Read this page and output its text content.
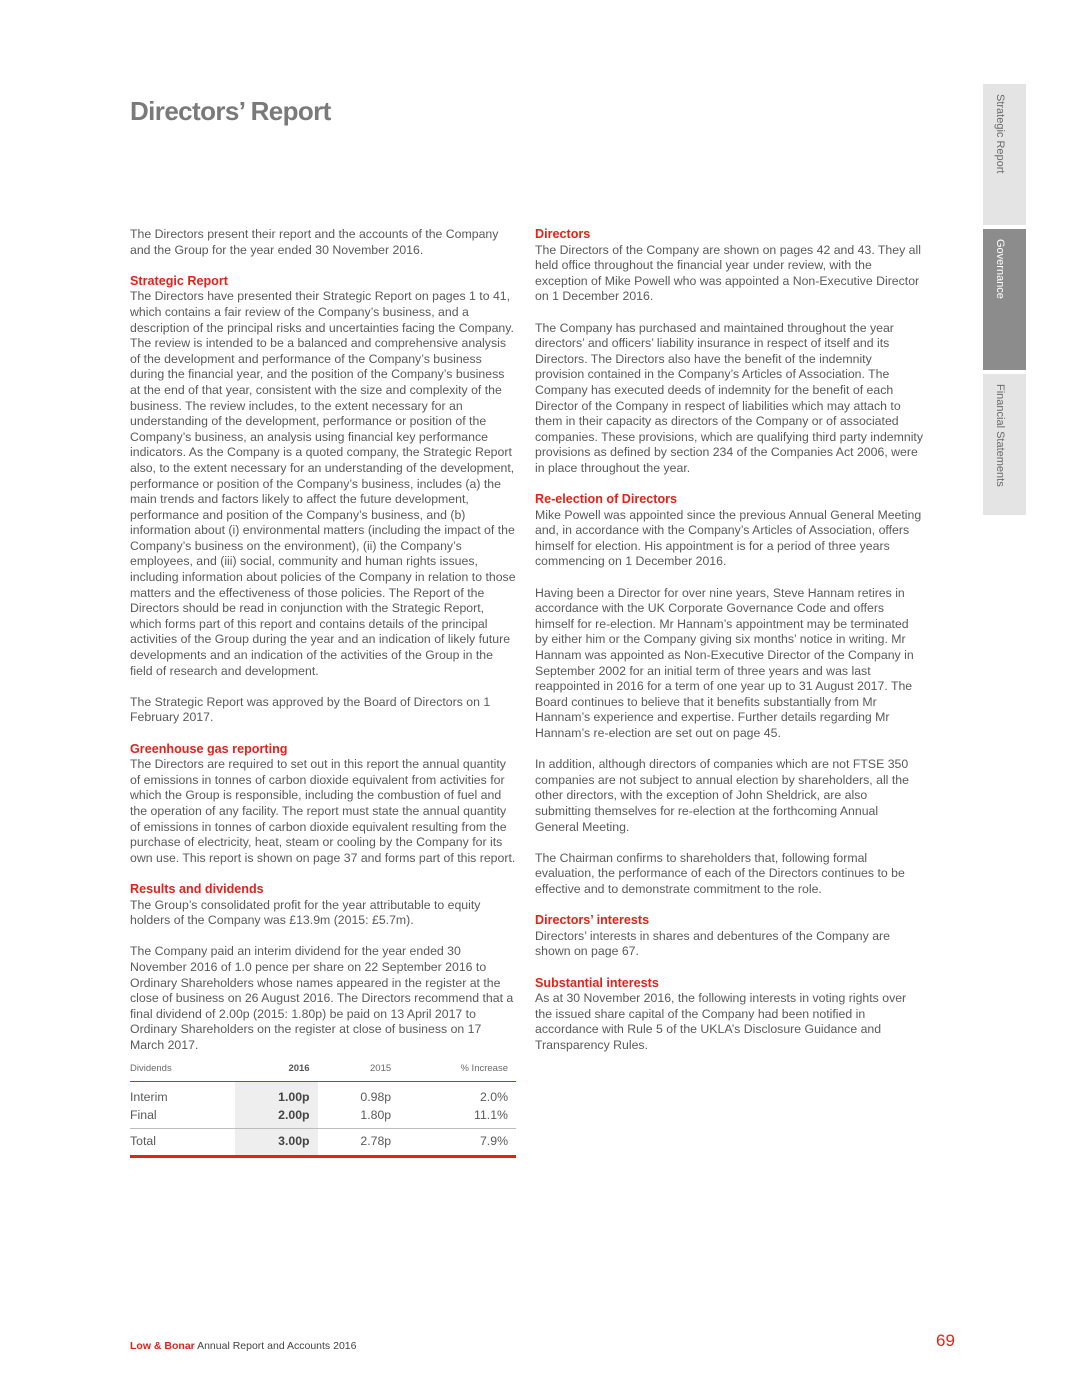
Directors’ Report	Strategic Report
Governance
Financial Statements

The Directors present their report and the accounts of the Company and the Group for the year ended 30 November 2016.

Strategic Report

The Directors have presented their Strategic Report on pages 1 to 41, which contains a fair review of the Company’s business, and a description of the principal risks and uncertainties facing the Company. The review is intended to be a balanced and comprehensive analysis of the development and performance of the Company’s business during the financial year, and the position of the Company’s business at the end of that year, consistent with the size and complexity of the business. The review includes, to the extent necessary for an understanding of the development, performance or position of the Company’s business, an analysis using financial key performance indicators. As the Company is a quoted company, the Strategic Report also, to the extent necessary for an understanding of the development, performance or position of the Company’s business, includes (a) the main trends and factors likely to affect the future development, performance and position of the Company’s business, and (b) information about (i) environmental matters (including the impact of the Company’s business on the environment), (ii) the Company’s employees, and (iii) social, community and human rights issues, including information about policies of the Company in relation to those matters and the effectiveness of those policies. The Report of the Directors should be read in conjunction with the Strategic Report, which forms part of this report and contains details of the principal activities of the Group during the year and an indication of likely future developments and an indication of the activities of the Group in the field of research and development.

The Strategic Report was approved by the Board of Directors on 1 February 2017.

Greenhouse gas reporting

The Directors are required to set out in this report the annual quantity of emissions in tonnes of carbon dioxide equivalent from activities for which the Group is responsible, including the combustion of fuel and the operation of any facility. The report must state the annual quantity of emissions in tonnes of carbon dioxide equivalent resulting from the purchase of electricity, heat, steam or cooling by the Company for its own use. This report is shown on page 37 and forms part of this report.

Results and dividends

The Group’s consolidated profit for the year attributable to equity holders of the Company was £13.9m (2015: £5.7m).

The Company paid an interim dividend for the year ended 30 November 2016 of 1.0 pence per share on 22 September 2016 to Ordinary Shareholders whose names appeared in the register at the close of business on 26 August 2016. The Directors recommend that a final dividend of 2.00p (2015: 1.80p) be paid on 13 April 2017 to Ordinary Shareholders on the register at close of business on 17 March 2017.

Dividends	2016	2015	% Increase
Interim	1.00p	0.98p	2.0%
Final	2.00p	1.80p	11.1%
Total	3.00p	2.78p	7.9%
Directors

The Directors of the Company are shown on pages 42 and 43. They all held office throughout the financial year under review, with the exception of Mike Powell who was appointed a Non-Executive Director on 1 December 2016.

The Company has purchased and maintained throughout the year directors’ and officers’ liability insurance in respect of itself and its Directors. The Directors also have the benefit of the indemnity provision contained in the Company’s Articles of Association. The Company has executed deeds of indemnity for the benefit of each Director of the Company in respect of liabilities which may attach to them in their capacity as directors of the Company or of associated companies. These provisions, which are qualifying third party indemnity provisions as defined by section 234 of the Companies Act 2006, were in place throughout the year.

Re-election of Directors

Mike Powell was appointed since the previous Annual General Meeting and, in accordance with the Company’s Articles of Association, offers himself for election. His appointment is for a period of three years commencing on 1 December 2016.

Having been a Director for over nine years, Steve Hannam retires in accordance with the UK Corporate Governance Code and offers himself for re-election. Mr Hannam’s appointment may be terminated by either him or the Company giving six months’ notice in writing. Mr Hannam was appointed as Non-Executive Director of the Company in September 2002 for an initial term of three years and was last reappointed in 2016 for a term of one year up to 31 August 2017. The Board continues to believe that it benefits substantially from Mr Hannam’s experience and expertise. Further details regarding Mr Hannam’s re-election are set out on page 45.

In addition, although directors of companies which are not FTSE 350 companies are not subject to annual election by shareholders, all the other directors, with the exception of John Sheldrick, are also submitting themselves for re-election at the forthcoming Annual General Meeting.

The Chairman confirms to shareholders that, following formal evaluation, the performance of each of the Directors continues to be effective and to demonstrate commitment to the role.

Directors’ interests

Directors’ interests in shares and debentures of the Company are shown on page 67.

Substantial interests

As at 30 November 2016, the following interests in voting rights over the issued share capital of the Company had been notified in accordance with Rule 5 of the UKLA’s Disclosure Guidance and Transparency Rules.

Low & Bonar Annual Report and Accounts 2016	69
